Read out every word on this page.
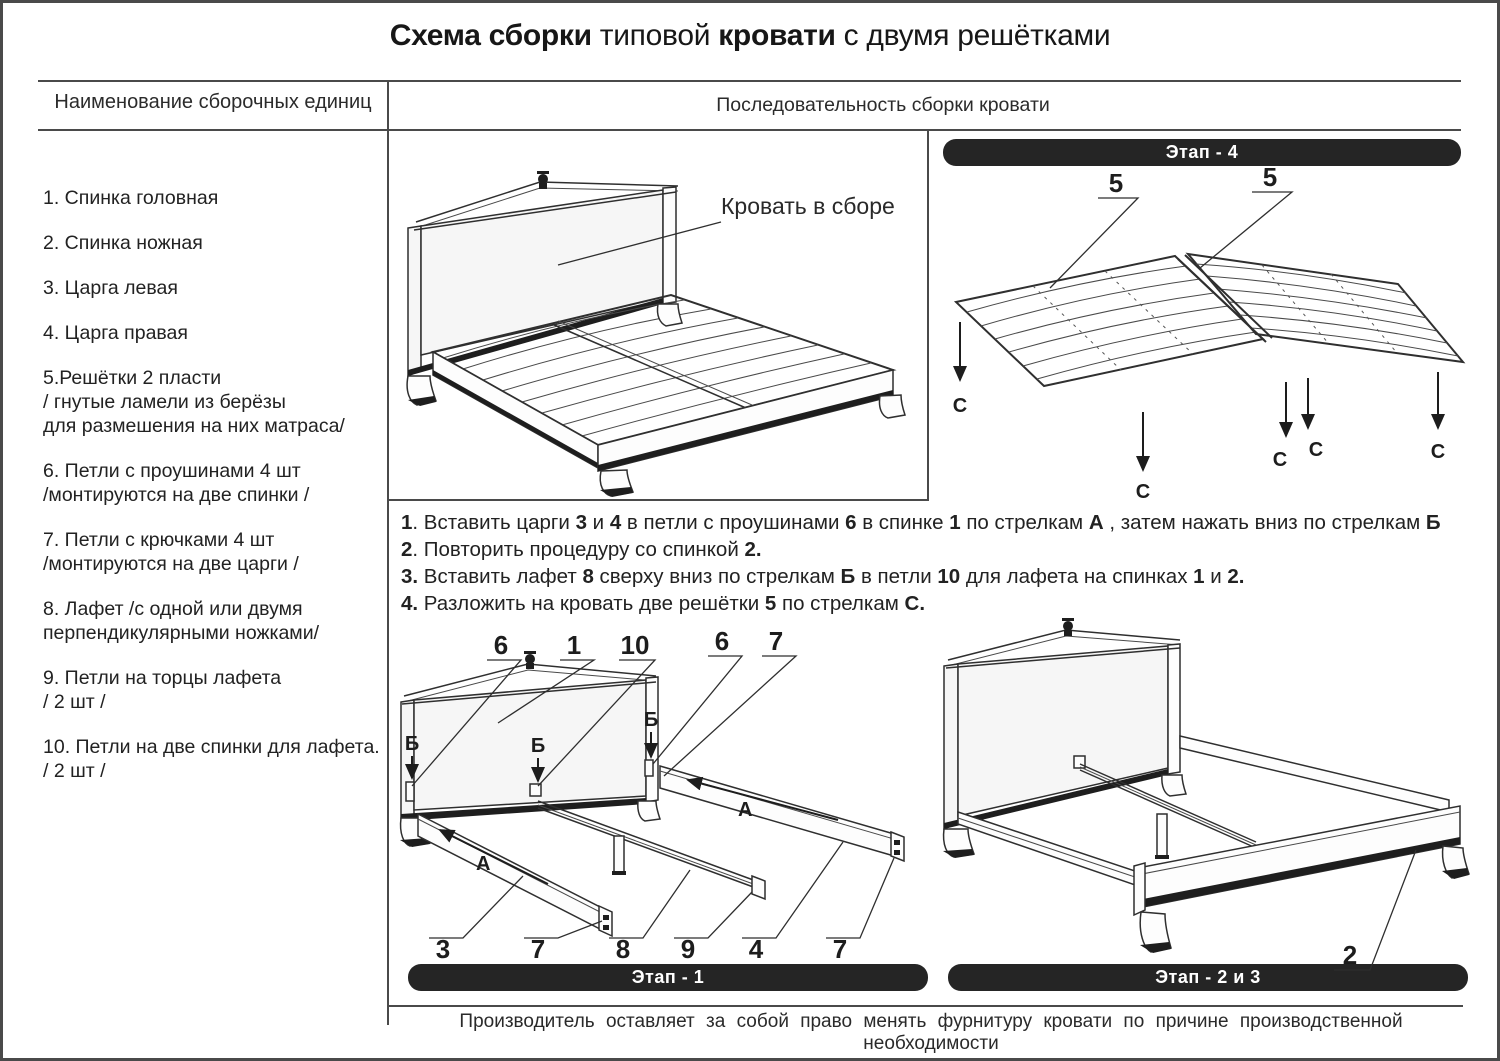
Схема сборки типовой кровати с двумя решётками
Наименование сборочных единиц	Последовательность сборки кровати
1. Спинка головная
2. Спинка ножная
3. Царга левая
4. Царга правая
5.Решётки 2 пласти
/ гнутые ламели из берёзы
для размешения на них матраса/
6. Петли с проушинами 4 шт
/монтируются на две спинки /
7. Петли с крючками 4 шт
/монтируются на две царги /
8. Лафет /с одной или двумя
перпендикулярными ножками/
9. Петли на торцы лафета
/ 2 шт /
10. Петли на две спинки для лафета.
/ 2 шт /
1. Вставить царги 3 и 4 в петли с проушинами 6 в спинке 1 по стрелкам А , затем нажать вниз по стрелкам Б
2. Повторить процедуру со спинкой 2.
3. Вставить лафет 8 сверху вниз по стрелкам Б в петли 10 для лафета на спинках 1 и 2.
4. Разложить на кровать две решётки 5 по стрелкам С.
Этап - 4
Этап - 1	Этап - 2 и 3
Производитель оставляет за собой право менять фурнитуру кровати по причине производственной необходимости
Кровать в сборе
5	5
С
С
С С	С
Б	Б
Б
А
А
6 1 10	6 7
3	7	8 9 4	7	2
